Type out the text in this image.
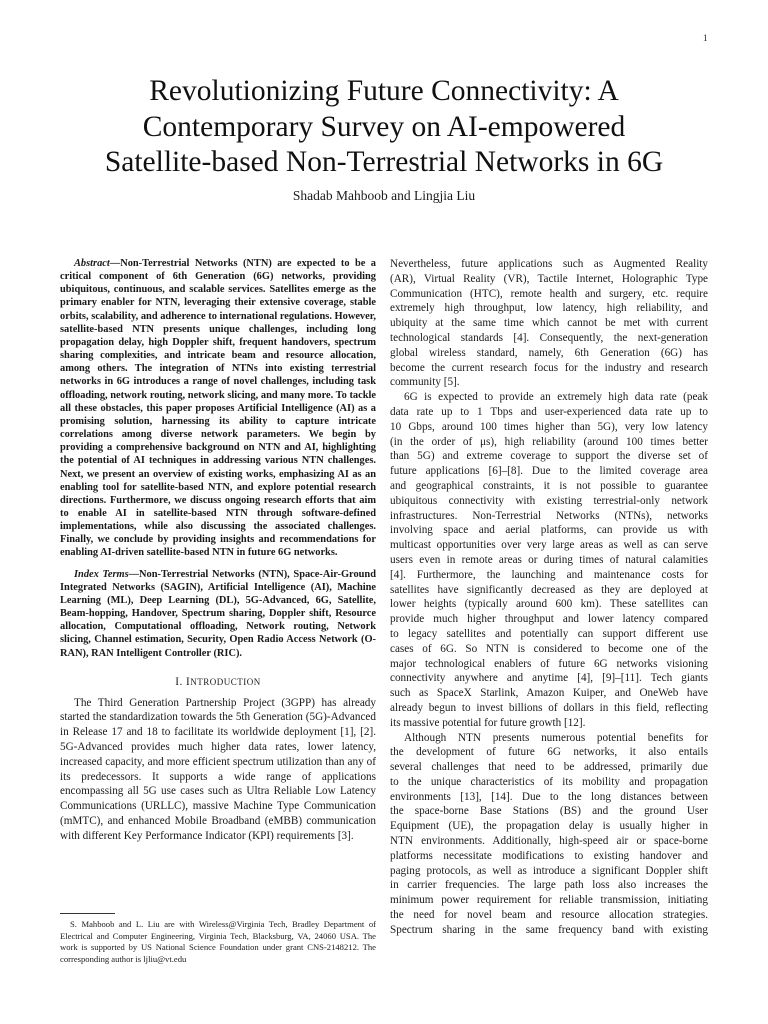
1
Revolutionizing Future Connectivity: A
Contemporary Survey on AI-empowered
Satellite-based Non-Terrestrial Networks in 6G
Shadab Mahboob and Lingjia Liu

Abstract—Non-Terrestrial Networks (NTN) are expected to be a critical component of 6th Generation (6G) networks, providing ubiquitous, continuous, and scalable services. Satellites emerge as the primary enabler for NTN, leveraging their extensive coverage, stable orbits, scalability, and adherence to international regulations. However, satellite-based NTN presents unique challenges, including long propagation delay, high Doppler shift, frequent handovers, spectrum sharing complexities, and intricate beam and resource allocation, among others. The integration of NTNs into existing terrestrial networks in 6G introduces a range of novel challenges, including task offloading, network routing, network slicing, and many more. To tackle all these obstacles, this paper proposes Artificial Intelligence (AI) as a promising solution, harnessing its ability to capture intricate correlations among diverse network parameters. We begin by providing a comprehensive background on NTN and AI, highlighting the potential of AI techniques in addressing various NTN challenges. Next, we present an overview of existing works, emphasizing AI as an enabling tool for satellite-based NTN, and explore potential research directions. Furthermore, we discuss ongoing research efforts that aim to enable AI in satellite-based NTN through software-defined implementations, while also discussing the associated challenges. Finally, we conclude by providing insights and recommendations for enabling AI-driven satellite-based NTN in future 6G networks.

Index Terms—Non-Terrestrial Networks (NTN), Space-Air-Ground Integrated Networks (SAGIN), Artificial Intelligence (AI), Machine Learning (ML), Deep Learning (DL), 5G-Advanced, 6G, Satellite, Beam-hopping, Handover, Spectrum sharing, Doppler shift, Resource allocation, Computational offloading, Network routing, Network slicing, Channel estimation, Security, Open Radio Access Network (O-RAN), RAN Intelligent Controller (RIC).

I. INTRODUCTION

The Third Generation Partnership Project (3GPP) has already started the standardization towards the 5th Generation (5G)-Advanced in Release 17 and 18 to facilitate its worldwide deployment [1], [2]. 5G-Advanced provides much higher data rates, lower latency, increased capacity, and more efficient spectrum utilization than any of its predecessors. It supports a wide range of applications encompassing all 5G use cases such as Ultra Reliable Low Latency Communications (URLLC), massive Machine Type Communication (mMTC), and enhanced Mobile Broadband (eMBB) communication with different Key Performance Indicator (KPI) requirements [3].

S. Mahboob and L. Liu are with Wireless@Virginia Tech, Bradley Department of Electrical and Computer Engineering, Virginia Tech, Blacksburg, VA, 24060 USA. The work is supported by US National Science Foundation under grant CNS-2148212. The corresponding author is ljliu@vt.edu

Nevertheless, future applications such as Augmented Reality
(AR), Virtual Reality (VR), Tactile Internet, Holographic Type
Communication (HTC), remote health and surgery, etc. require
extremely high throughput, low latency, high reliability, and
ubiquity at the same time which cannot be met with current
technological standards [4]. Consequently, the next-generation
global wireless standard, namely, 6th Generation (6G) has
become the current research focus for the industry and research
community [5].
6G is expected to provide an extremely high data rate (peak
data rate up to 1 Tbps and user-experienced data rate up to
10 Gbps, around 100 times higher than 5G), very low latency
(in the order of μs), high reliability (around 100 times better
than 5G) and extreme coverage to support the diverse set of
future applications [6]–[8]. Due to the limited coverage area
and geographical constraints, it is not possible to guarantee
ubiquitous connectivity with existing terrestrial-only network
infrastructures. Non-Terrestrial Networks (NTNs), networks
involving space and aerial platforms, can provide us with
multicast opportunities over very large areas as well as can serve
users even in remote areas or during times of natural calamities
[4]. Furthermore, the launching and maintenance costs for
satellites have significantly decreased as they are deployed at
lower heights (typically around 600 km). These satellites can
provide much higher throughput and lower latency compared
to legacy satellites and potentially can support different use
cases of 6G. So NTN is considered to become one of the
major technological enablers of future 6G networks visioning
connectivity anywhere and anytime [4], [9]–[11]. Tech giants
such as SpaceX Starlink, Amazon Kuiper, and OneWeb have
already begun to invest billions of dollars in this field, reflecting
its massive potential for future growth [12].
Although NTN presents numerous potential benefits for
the development of future 6G networks, it also entails
several challenges that need to be addressed, primarily due
to the unique characteristics of its mobility and propagation
environments [13], [14]. Due to the long distances between
the space-borne Base Stations (BS) and the ground User
Equipment (UE), the propagation delay is usually higher in
NTN environments. Additionally, high-speed air or space-borne
platforms necessitate modifications to existing handover and
paging protocols, as well as introduce a significant Doppler shift
in carrier frequencies. The large path loss also increases the
minimum power requirement for reliable transmission, initiating
the need for novel beam and resource allocation strategies.
Spectrum sharing in the same frequency band with existing
